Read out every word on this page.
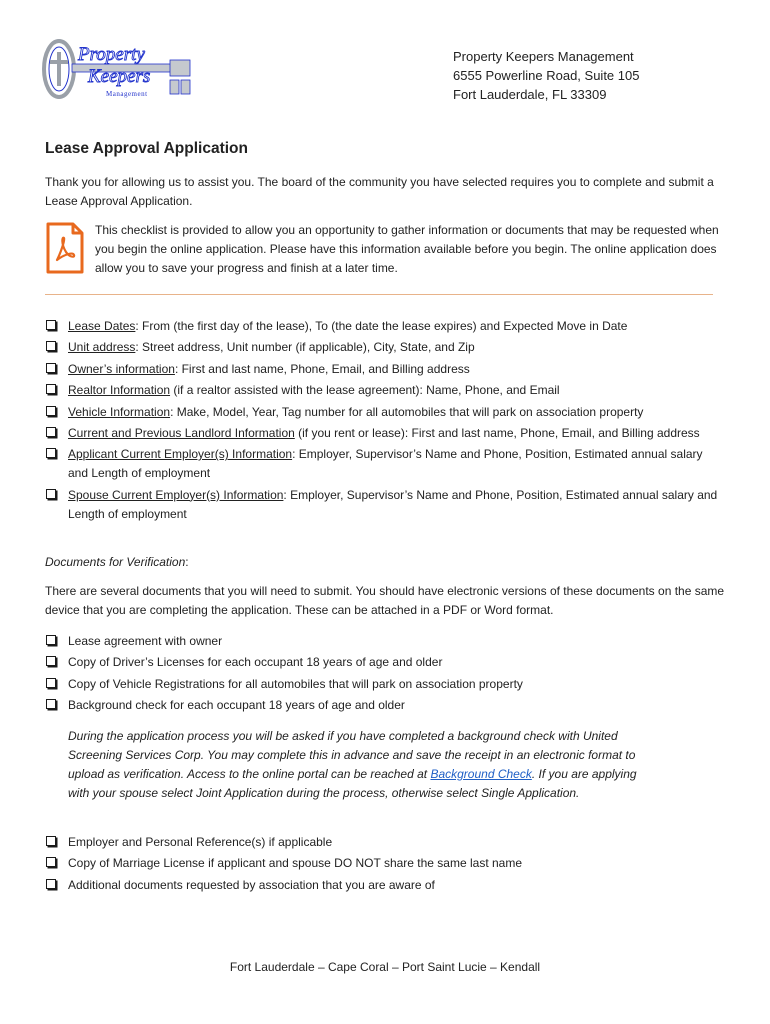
Property
Keepers
Management
Property Keepers Management
6555 Powerline Road, Suite 105
Fort Lauderdale, FL 33309
Lease Approval Application
Thank you for allowing us to assist you. The board of the community you have selected requires you to complete and submit a Lease Approval Application.
This checklist is provided to allow you an opportunity to gather information or documents that may be requested when you begin the online application. Please have this information available before you begin. The online application does allow you to save your progress and finish at a later time.
Lease Dates: From (the first day of the lease), To (the date the lease expires) and Expected Move in Date
Unit address: Street address, Unit number (if applicable), City, State, and Zip
Owner’s information: First and last name, Phone, Email, and Billing address
Realtor Information (if a realtor assisted with the lease agreement): Name, Phone, and Email
Vehicle Information: Make, Model, Year, Tag number for all automobiles that will park on association property
Current and Previous Landlord Information (if you rent or lease): First and last name, Phone, Email, and Billing address
Applicant Current Employer(s) Information: Employer, Supervisor’s Name and Phone, Position, Estimated annual salary and Length of employment
Spouse Current Employer(s) Information: Employer, Supervisor’s Name and Phone, Position, Estimated annual salary and Length of employment
Documents for Verification:
There are several documents that you will need to submit. You should have electronic versions of these documents on the same device that you are completing the application. These can be attached in a PDF or Word format.
Lease agreement with owner
Copy of Driver’s Licenses for each occupant 18 years of age and older
Copy of Vehicle Registrations for all automobiles that will park on association property
Background check for each occupant 18 years of age and older
During the application process you will be asked if you have completed a background check with United Screening Services Corp. You may complete this in advance and save the receipt in an electronic format to upload as verification. Access to the online portal can be reached at Background Check. If you are applying with your spouse select Joint Application during the process, otherwise select Single Application.
Employer and Personal Reference(s) if applicable
Copy of Marriage License if applicant and spouse DO NOT share the same last name
Additional documents requested by association that you are aware of
Fort Lauderdale – Cape Coral – Port Saint Lucie – Kendall
